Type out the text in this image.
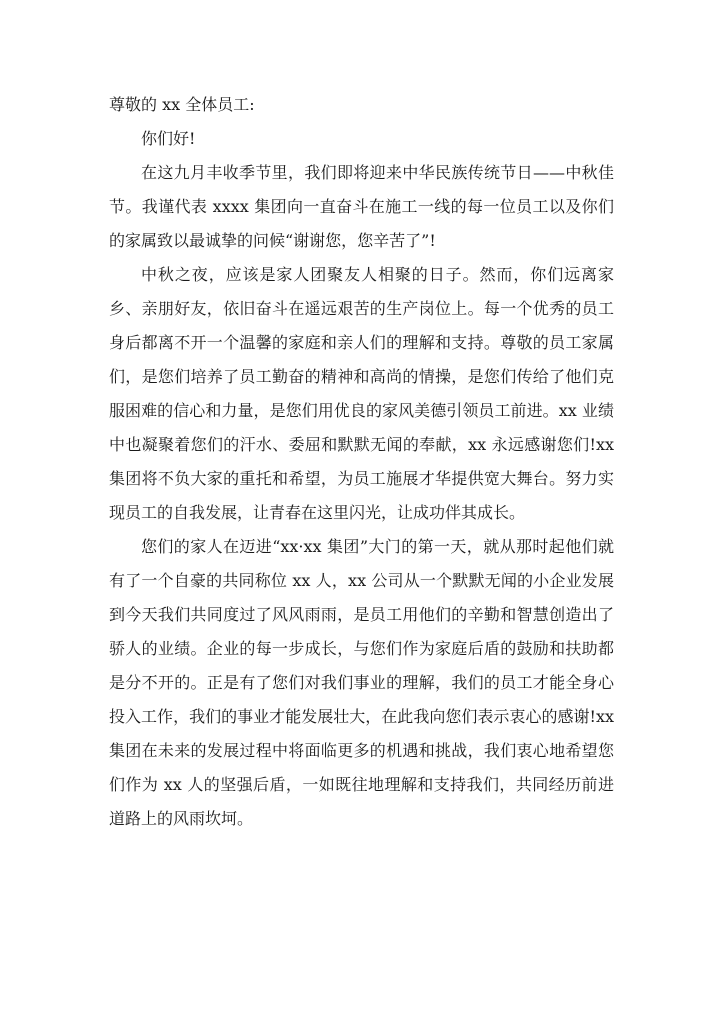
尊敬的 xx 全体员工:

你们好!

在这九月丰收季节里，我们即将迎来中华民族传统节日——中秋佳节。我谨代表 xxxx 集团向一直奋斗在施工一线的每一位员工以及你们的家属致以最诚挚的问候“谢谢您，您辛苦了”!

中秋之夜，应该是家人团聚友人相聚的日子。然而，你们远离家乡、亲朋好友，依旧奋斗在遥远艰苦的生产岗位上。每一个优秀的员工身后都离不开一个温馨的家庭和亲人们的理解和支持。尊敬的员工家属们，是您们培养了员工勤奋的精神和高尚的情操，是您们传给了他们克服困难的信心和力量，是您们用优良的家风美德引领员工前进。xx 业绩中也凝聚着您们的汗水、委屈和默默无闻的奉献，xx 永远感谢您们!xx 集团将不负大家的重托和希望，为员工施展才华提供宽大舞台。努力实现员工的自我发展，让青春在这里闪光，让成功伴其成长。

您们的家人在迈进“xx·xx 集团”大门的第一天，就从那时起他们就有了一个自豪的共同称位 xx 人，xx 公司从一个默默无闻的小企业发展到今天我们共同度过了风风雨雨，是员工用他们的辛勤和智慧创造出了骄人的业绩。企业的每一步成长，与您们作为家庭后盾的鼓励和扶助都是分不开的。正是有了您们对我们事业的理解，我们的员工才能全身心投入工作，我们的事业才能发展壮大，在此我向您们表示衷心的感谢!xx 集团在未来的发展过程中将面临更多的机遇和挑战，我们衷心地希望您们作为 xx 人的坚强后盾，一如既往地理解和支持我们，共同经历前进道路上的风雨坎坷。
